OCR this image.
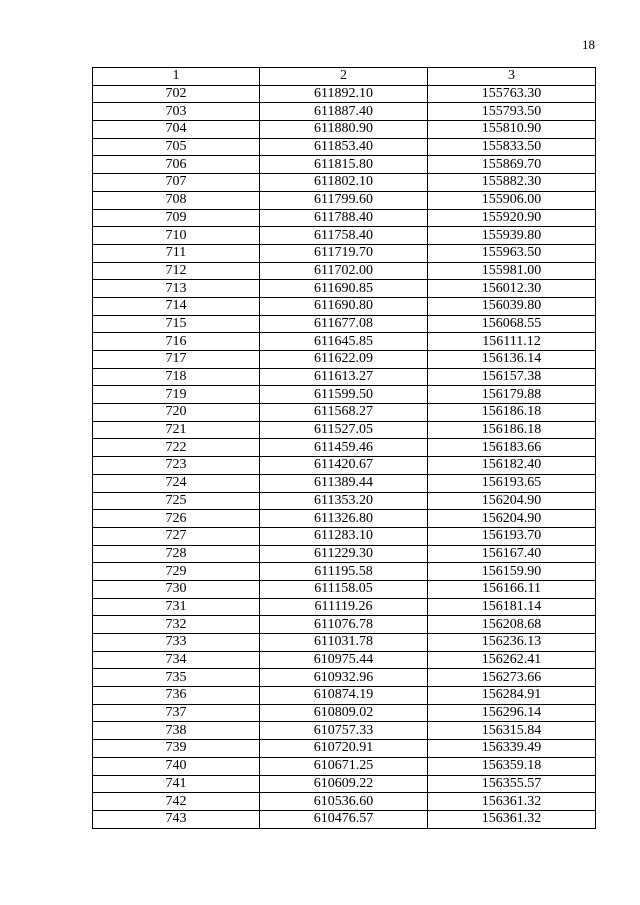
18
1	2	3
702	611892.10	155763.30
703	611887.40	155793.50
704	611880.90	155810.90
705	611853.40	155833.50
706	611815.80	155869.70
707	611802.10	155882.30
708	611799.60	155906.00
709	611788.40	155920.90
710	611758.40	155939.80
711	611719.70	155963.50
712	611702.00	155981.00
713	611690.85	156012.30
714	611690.80	156039.80
715	611677.08	156068.55
716	611645.85	156111.12
717	611622.09	156136.14
718	611613.27	156157.38
719	611599.50	156179.88
720	611568.27	156186.18
721	611527.05	156186.18
722	611459.46	156183.66
723	611420.67	156182.40
724	611389.44	156193.65
725	611353.20	156204.90
726	611326.80	156204.90
727	611283.10	156193.70
728	611229.30	156167.40
729	611195.58	156159.90
730	611158.05	156166.11
731	611119.26	156181.14
732	611076.78	156208.68
733	611031.78	156236.13
734	610975.44	156262.41
735	610932.96	156273.66
736	610874.19	156284.91
737	610809.02	156296.14
738	610757.33	156315.84
739	610720.91	156339.49
740	610671.25	156359.18
741	610609.22	156355.57
742	610536.60	156361.32
743	610476.57	156361.32
